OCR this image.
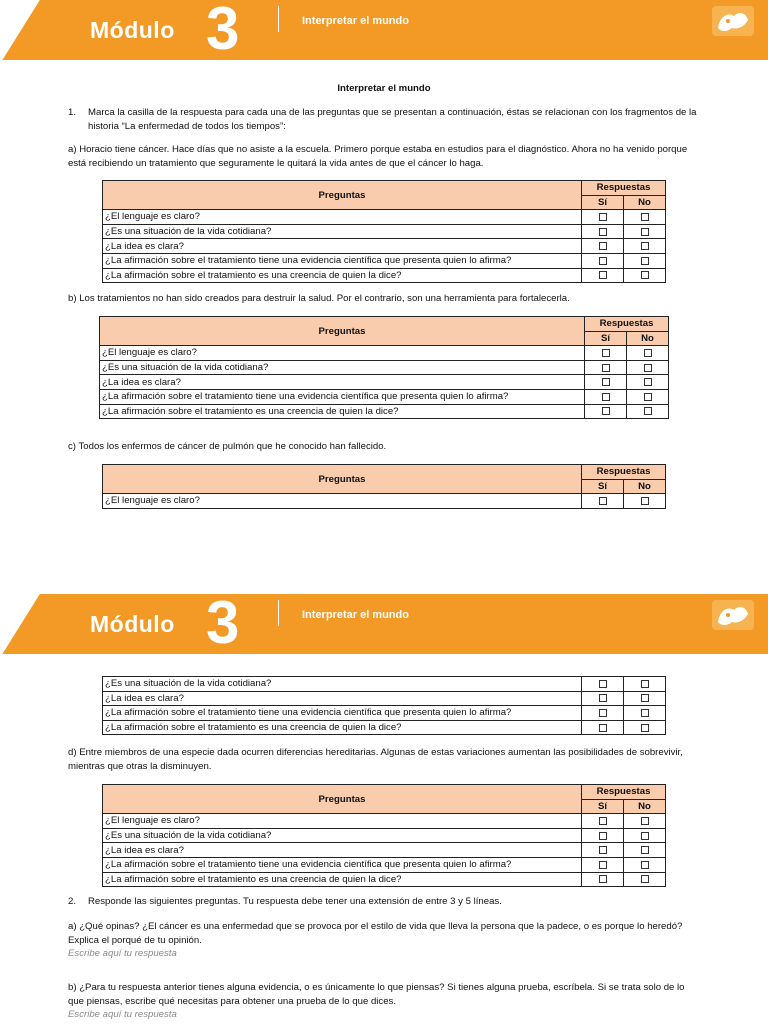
Módulo 3	Interpretar el mundo
Interpretar el mundo
1. Marca la casilla de la respuesta para cada una de las preguntas que se presentan a continuación, éstas se relacionan con los fragmentos de la historia “La enfermedad de todos los tiempos”:
a) Horacio tiene cáncer. Hace días que no asiste a la escuela. Primero porque estaba en estudios para el diagnóstico. Ahora no ha venido porque está recibiendo un tratamiento que seguramente le quitará la vida antes de que el cáncer lo haga.
Preguntas	Respuestas	
	Sí	No
¿El lenguaje es claro?		
¿Es una situación de la vida cotidiana?		
¿La idea es clara?		
¿La afirmación sobre el tratamiento tiene una evidencia científica que presenta quien lo afirma?		
¿La afirmación sobre el tratamiento es una creencia de quien la dice?		
b) Los tratamientos no han sido creados para destruir la salud. Por el contrario, son una herramienta para fortalecerla.
Preguntas	Respuestas	
	Sí	No
¿El lenguaje es claro?		
¿Es una situación de la vida cotidiana?		
¿La idea es clara?		
¿La afirmación sobre el tratamiento tiene una evidencia científica que presenta quien lo afirma?		
¿La afirmación sobre el tratamiento es una creencia de quien la dice?		
c) Todos los enfermos de cáncer de pulmón que he conocido han fallecido.
Preguntas	Respuestas	
	Sí	No
¿El lenguaje es claro?		
Módulo 3	Interpretar el mundo
¿Es una situación de la vida cotidiana?		
¿La idea es clara?		
¿La afirmación sobre el tratamiento tiene una evidencia científica que presenta quien lo afirma?		
¿La afirmación sobre el tratamiento es una creencia de quien la dice?		
d) Entre miembros de una especie dada ocurren diferencias hereditarias. Algunas de estas variaciones aumentan las posibilidades de sobrevivir, mientras que otras la disminuyen.
Preguntas	Respuestas	
	Sí	No
¿El lenguaje es claro?		
¿Es una situación de la vida cotidiana?		
¿La idea es clara?		
¿La afirmación sobre el tratamiento tiene una evidencia científica que presenta quien lo afirma?		
¿La afirmación sobre el tratamiento es una creencia de quien la dice?		
2. Responde las siguientes preguntas. Tu respuesta debe tener una extensión de entre 3 y 5 líneas.
a) ¿Qué opinas? ¿El cáncer es una enfermedad que se provoca por el estilo de vida que lleva la persona que la padece, o es porque lo heredó? Explica el porqué de tu opinión.
Escribe aquí tu respuesta
b) ¿Para tu respuesta anterior tienes alguna evidencia, o es únicamente lo que piensas? Si tienes alguna prueba, escríbela. Si se trata solo de lo que piensas, escribe qué necesitas para obtener una prueba de lo que dices.
Escribe aquí tu respuesta
